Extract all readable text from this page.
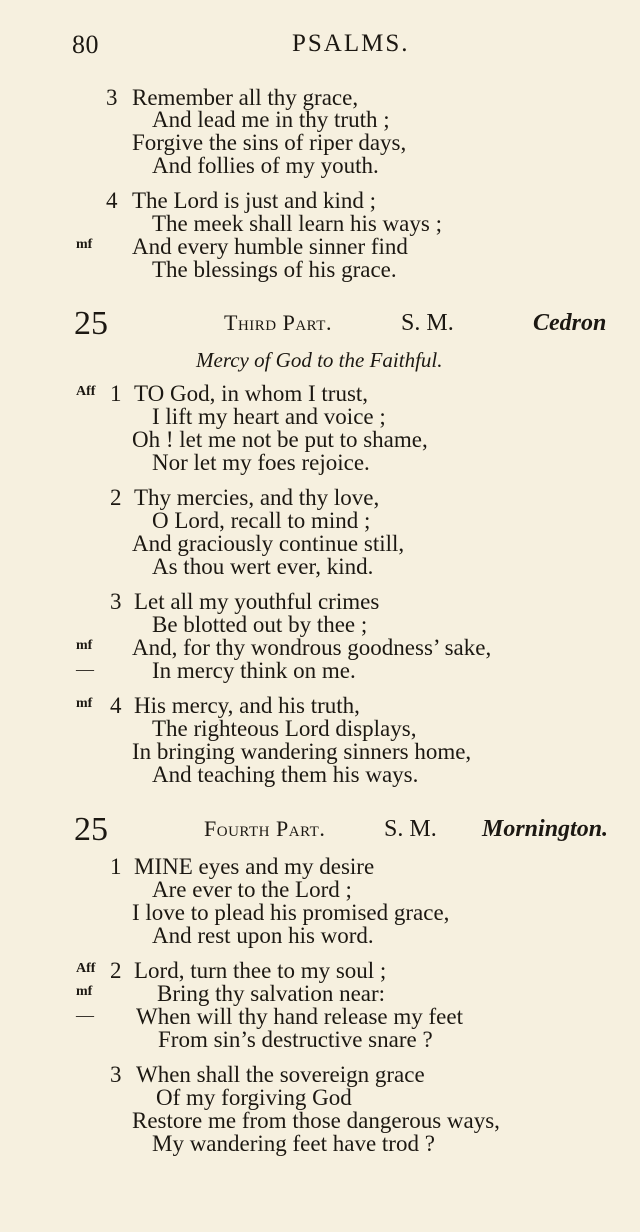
80	PSALMS.
3 Remember all thy grace,
And lead me in thy truth ;
Forgive the sins of riper days,
And follies of my youth.
4 The Lord is just and kind ;
The meek shall learn his ways ;
mf And every humble sinner find
The blessings of his grace.
25	Third Part.	S. M.	Cedron
Mercy of God to the Faithful.
Aff 1 TO God, in whom I trust,
I lift my heart and voice ;
Oh ! let me not be put to shame,
Nor let my foes rejoice.
2 Thy mercies, and thy love,
O Lord, recall to mind ;
And graciously continue still,
As thou wert ever, kind.
3 Let all my youthful crimes
Be blotted out by thee ;
mf And, for thy wondrous goodness’ sake,
—	In mercy think on me.
mf 4 His mercy, and his truth,
The righteous Lord displays,
In bringing wandering sinners home,
And teaching them his ways.
25	Fourth Part. S. M. Mornington.
1 MINE eyes and my desire
Are ever to the Lord ;
I love to plead his promised grace,
And rest upon his word.
Aff 2 Lord, turn thee to my soul ;
mf	Bring thy salvation near:
— When will thy hand release my feet
From sin’s destructive snare ?
3 When shall the sovereign grace
Of my forgiving God
Restore me from those dangerous ways,
My wandering feet have trod ?
